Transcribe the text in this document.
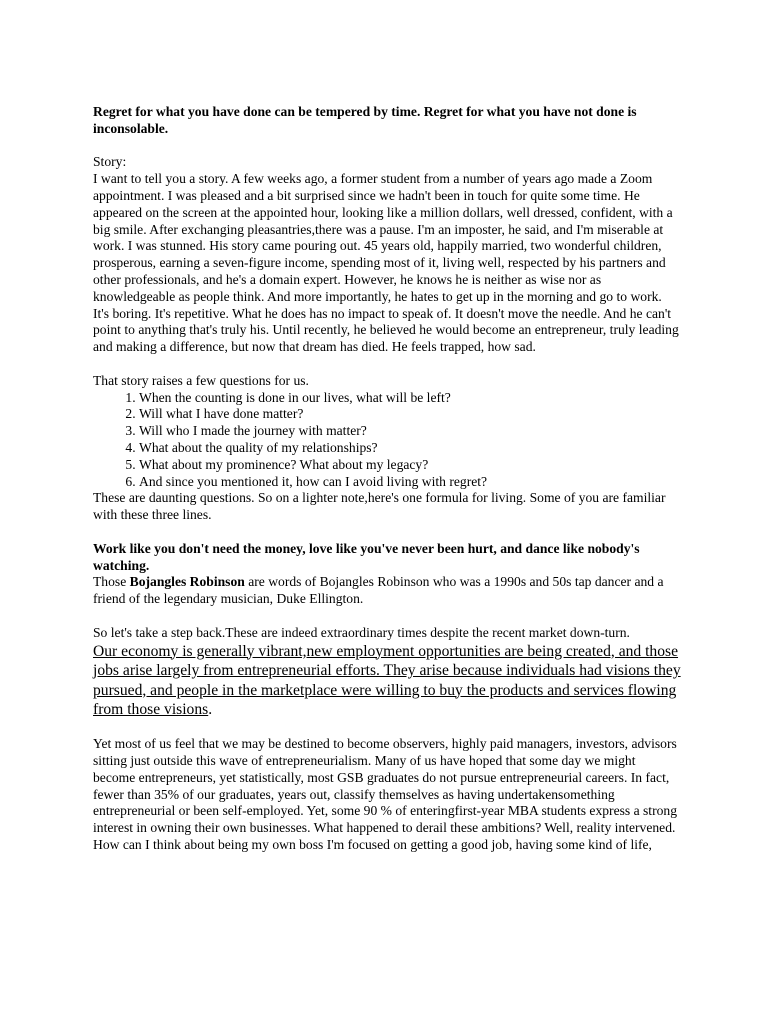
Regret for what you have done can be tempered by time. Regret for what you have not done is inconsolable.

Story:

I want to tell you a story. A few weeks ago, a former student from a number of years ago made a Zoom appointment. I was pleased and a bit surprised since we hadn't been in touch for quite some time. He appeared on the screen at the appointed hour, looking like a million dollars, well dressed, confident, with a big smile. After exchanging pleasantries,there was a pause. I'm an imposter, he said, and I'm miserable at work. I was stunned. His story came pouring out. 45 years old, happily married, two wonderful children, prosperous, earning a seven-figure income, spending most of it, living well, respected by his partners and other professionals, and he's a domain expert. However, he knows he is neither as wise nor as knowledgeable as people think. And more importantly, he hates to get up in the morning and go to work. It's boring. It's repetitive. What he does has no impact to speak of. It doesn't move the needle. And he can't point to anything that's truly his. Until recently, he believed he would become an entrepreneur, truly leading and making a difference, but now that dream has died. He feels trapped, how sad.

That story raises a few questions for us.

1. When the counting is done in our lives, what will be left?
2. Will what I have done matter?
3. Will who I made the journey with matter?
4. What about the quality of my relationships?
5. What about my prominence? What about my legacy?
6. And since you mentioned it, how can I avoid living with regret?

These are daunting questions. So on a lighter note,here's one formula for living. Some of you are familiar with these three lines.

Work like you don't need the money, love like you've never been hurt, and dance like nobody's watching.

Those Bojangles Robinson are words of Bojangles Robinson who was a 1990s and 50s tap dancer and a friend of the legendary musician, Duke Ellington.

So let's take a step back.These are indeed extraordinary times despite the recent market down-turn.

Our economy is generally vibrant,new employment opportunities are being created, and those jobs arise largely from entrepreneurial efforts. They arise because individuals had visions they pursued, and people in the marketplace were willing to buy the products and services flowing from those visions.

Yet most of us feel that we may be destined to become observers, highly paid managers, investors, advisors sitting just outside this wave of entrepreneurialism. Many of us have hoped that some day we might become entrepreneurs, yet statistically, most GSB graduates do not pursue entrepreneurial careers. In fact, fewer than 35% of our graduates, years out, classify themselves as having undertakensomething entrepreneurial or been self-employed. Yet, some 90 % of enteringfirst-year MBA students express a strong interest in owning their own businesses. What happened to derail these ambitions? Well, reality intervened. How can I think about being my own boss I'm focused on getting a good job, having some kind of life,
